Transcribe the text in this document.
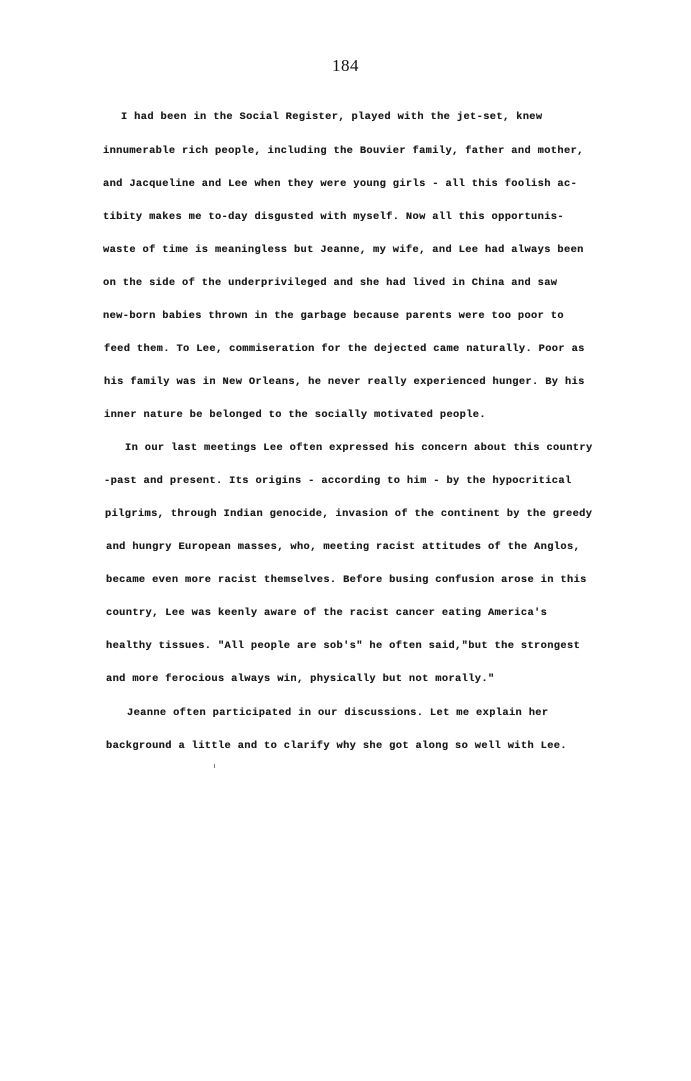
184
I had been in the Social Register, played with the jet-set, knew
innumerable rich people, including the Bouvier family, father and mother,
and Jacqueline and Lee when they were young girls - all this foolish ac-
tibity makes me to-day disgusted with myself. Now all this opportunis-
waste of time is meaningless but Jeanne, my wife, and Lee had always been
on the side of the underprivileged and she had lived in China and saw
new-born babies thrown in the garbage because parents were too poor to
feed them. To Lee, commiseration for the dejected came naturally. Poor as
his family was in New Orleans, he never really experienced hunger. By his
inner nature be belonged to the socially motivated people.
In our last meetings Lee often expressed his concern about this country
-past and present. Its origins - according to him - by the hypocritical
pilgrims, through Indian genocide, invasion of the continent by the greedy
and hungry European masses, who, meeting racist attitudes of the Anglos,
became even more racist themselves. Before busing confusion arose in this
country, Lee was keenly aware of the racist cancer eating America's
healthy tissues. "All people are sob's" he often said,"but the strongest
and more ferocious always win, physically but not morally."
Jeanne often participated in our discussions. Let me explain her
background a little and to clarify why she got along so well with Lee.
